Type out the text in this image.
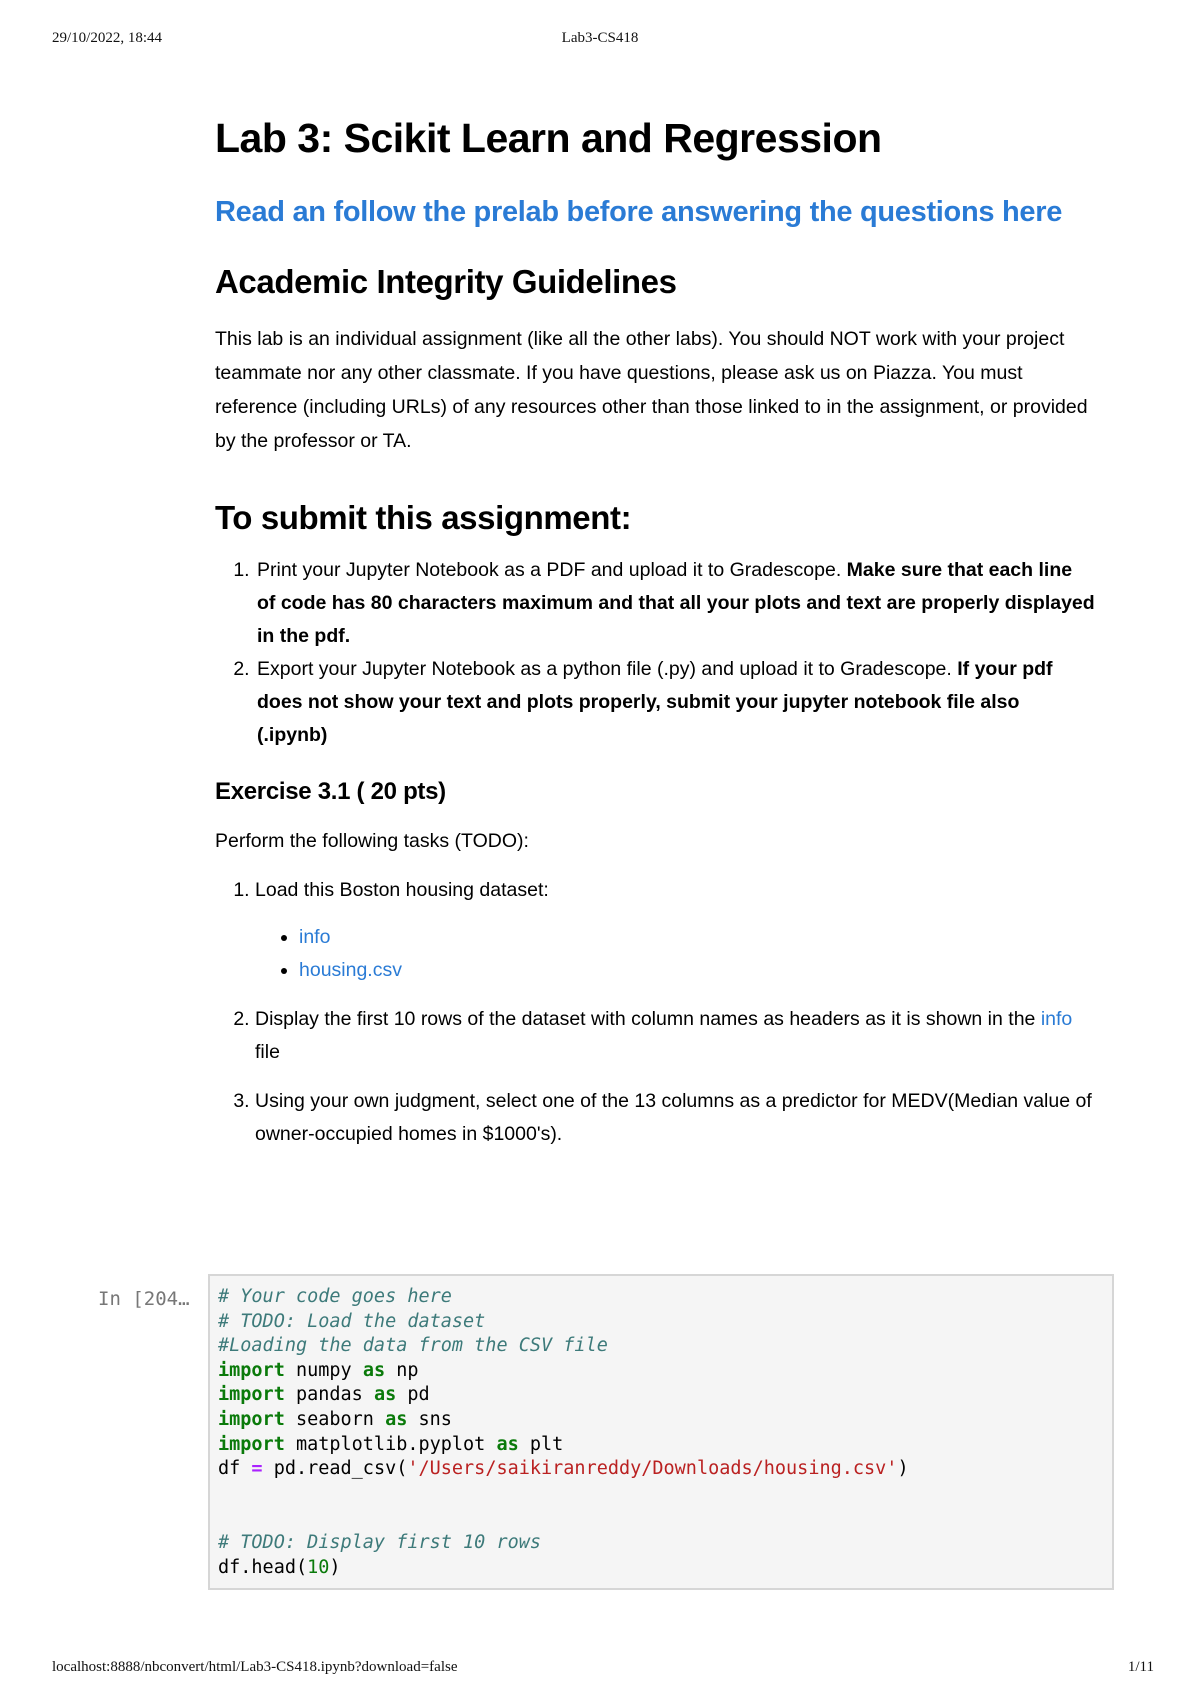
29/10/2022, 18:44	Lab3-CS418
Lab 3: Scikit Learn and Regression
Read an follow the prelab before answering the questions here
Academic Integrity Guidelines
This lab is an individual assignment (like all the other labs). You should NOT work with your project teammate nor any other classmate. If you have questions, please ask us on Piazza. You must reference (including URLs) of any resources other than those linked to in the assignment, or provided by the professor or TA.
To submit this assignment:
1. Print your Jupyter Notebook as a PDF and upload it to Gradescope. Make sure that each line of code has 80 characters maximum and that all your plots and text are properly displayed in the pdf.
2. Export your Jupyter Notebook as a python file (.py) and upload it to Gradescope. If your pdf does not show your text and plots properly, submit your jupyter notebook file also (.ipynb)
Exercise 3.1 ( 20 pts)
Perform the following tasks (TODO):
1. Load this Boston housing dataset:
• info
• housing.csv
2. Display the first 10 rows of the dataset with column names as headers as it is shown in the info file
3. Using your own judgment, select one of the 13 columns as a predictor for MEDV(Median value of owner-occupied homes in $1000's).
In [204…	# Your code goes here
# TODO: Load the dataset
#Loading the data from the CSV file
import numpy as np
import pandas as pd
import seaborn as sns
import matplotlib.pyplot as plt
df = pd.read_csv('/Users/saikiranreddy/Downloads/housing.csv')

# TODO: Display first 10 rows
df.head(10)
localhost:8888/nbconvert/html/Lab3-CS418.ipynb?download=false	1/11
